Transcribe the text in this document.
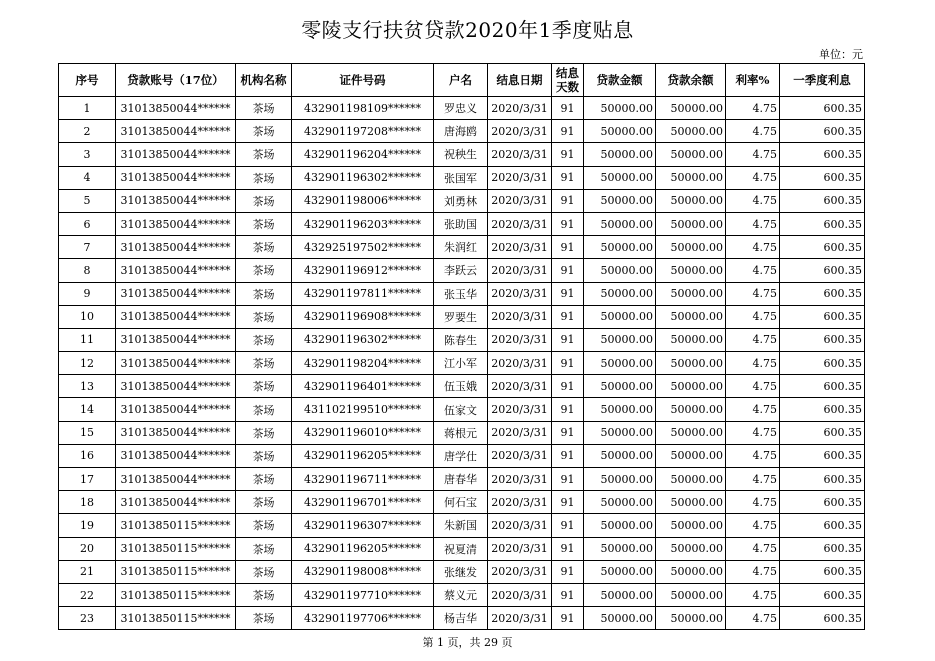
零陵支行扶贫贷款2020年1季度贴息
单位：元
序号	贷款账号（17位）	机构名称	证件号码	户名	结息日期	结息天数	贷款金额	贷款余额	利率%	一季度利息
1	31013850044******	茶场	432901198109******	罗忠义	2020/3/31	91	50000.00	50000.00	4.75	600.35
2	31013850044******	茶场	432901197208******	唐海鸥	2020/3/31	91	50000.00	50000.00	4.75	600.35
3	31013850044******	茶场	432901196204******	祝秧生	2020/3/31	91	50000.00	50000.00	4.75	600.35
4	31013850044******	茶场	432901196302******	张国军	2020/3/31	91	50000.00	50000.00	4.75	600.35
5	31013850044******	茶场	432901198006******	刘勇林	2020/3/31	91	50000.00	50000.00	4.75	600.35
6	31013850044******	茶场	432901196203******	张助国	2020/3/31	91	50000.00	50000.00	4.75	600.35
7	31013850044******	茶场	432925197502******	朱润红	2020/3/31	91	50000.00	50000.00	4.75	600.35
8	31013850044******	茶场	432901196912******	李跃云	2020/3/31	91	50000.00	50000.00	4.75	600.35
9	31013850044******	茶场	432901197811******	张玉华	2020/3/31	91	50000.00	50000.00	4.75	600.35
10	31013850044******	茶场	432901196908******	罗要生	2020/3/31	91	50000.00	50000.00	4.75	600.35
11	31013850044******	茶场	432901196302******	陈春生	2020/3/31	91	50000.00	50000.00	4.75	600.35
12	31013850044******	茶场	432901198204******	江小军	2020/3/31	91	50000.00	50000.00	4.75	600.35
13	31013850044******	茶场	432901196401******	伍玉娥	2020/3/31	91	50000.00	50000.00	4.75	600.35
14	31013850044******	茶场	431102199510******	伍家文	2020/3/31	91	50000.00	50000.00	4.75	600.35
15	31013850044******	茶场	432901196010******	蒋根元	2020/3/31	91	50000.00	50000.00	4.75	600.35
16	31013850044******	茶场	432901196205******	唐学仕	2020/3/31	91	50000.00	50000.00	4.75	600.35
17	31013850044******	茶场	432901196711******	唐春华	2020/3/31	91	50000.00	50000.00	4.75	600.35
18	31013850044******	茶场	432901196701******	何石宝	2020/3/31	91	50000.00	50000.00	4.75	600.35
19	31013850115******	茶场	432901196307******	朱新国	2020/3/31	91	50000.00	50000.00	4.75	600.35
20	31013850115******	茶场	432901196205******	祝夏清	2020/3/31	91	50000.00	50000.00	4.75	600.35
21	31013850115******	茶场	432901198008******	张继发	2020/3/31	91	50000.00	50000.00	4.75	600.35
22	31013850115******	茶场	432901197710******	蔡义元	2020/3/31	91	50000.00	50000.00	4.75	600.35
23	31013850115******	茶场	432901197706******	杨吉华	2020/3/31	91	50000.00	50000.00	4.75	600.35
第 1 页，共 29 页
